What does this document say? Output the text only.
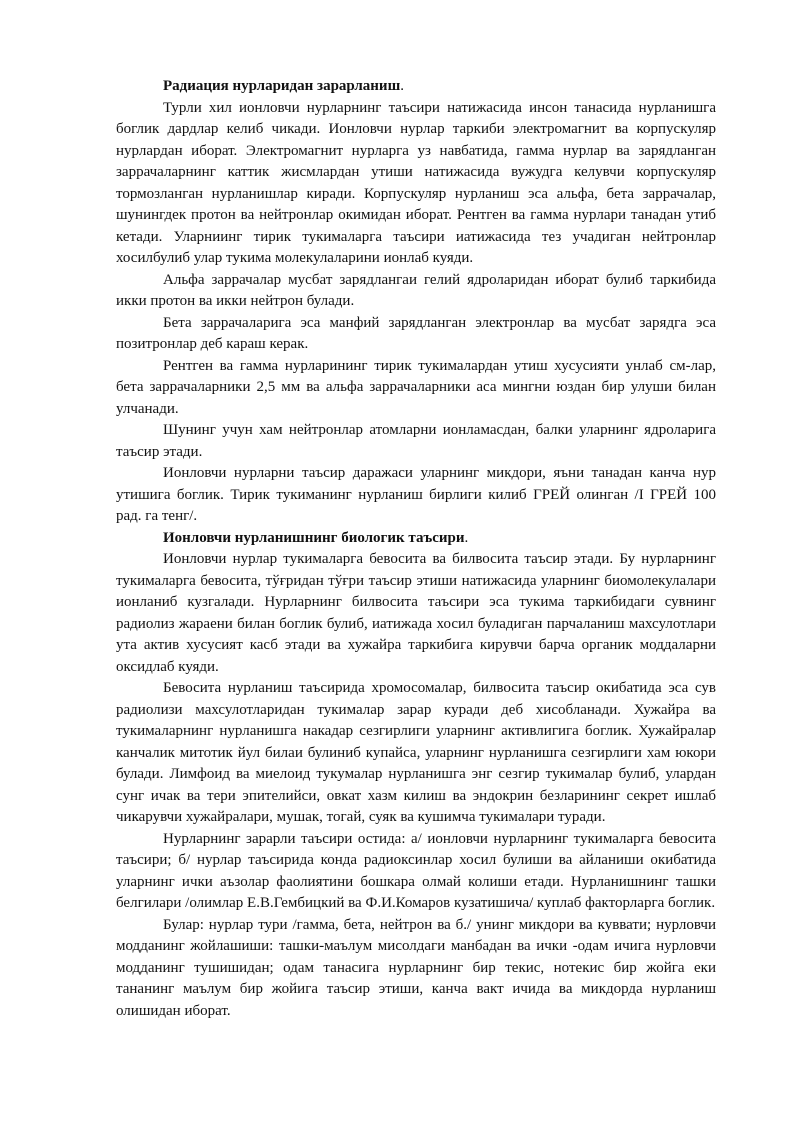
Радиация нурларидан зарарланиш.

Турли хил ионловчи нурларнинг таъсири натижасида инсон танасида нурланишга боглик дардлар келиб чикади. Ионловчи нурлар таркиби электромагнит ва корпускуляр нурлардан иборат. Электромагнит нурларга уз навбатида, гамма нурлар ва зарядланган заррачаларнинг каттик жисмлардан утиши натижасида вужудга келувчи корпускуляр тормозланган нурланишлар киради. Корпускуляр нурланиш эса альфа, бета заррачалар, шунингдек протон ва нейтронлар окимидан иборат. Рентген ва гамма нурлари танадан утиб кетади. Уларниинг тирик тукималарга таъсири иатижасида тез учадиган нейтронлар хосилбулиб улар тукима молекулаларини ионлаб куяди.

Альфа заррачалар мусбат зарядлангаи гелий ядроларидан иборат булиб таркибида икки протон ва икки нейтрон булади.

Бета заррачаларига эса манфий зарядланган электронлар ва мусбат зарядга эса позитронлар деб караш керак.

Рентген ва гамма нурларининг тирик тукималардан утиш хусусияти унлаб см-лар, бета заррачаларники 2,5 мм ва альфа заррачаларники аса мингни юздан бир улуши билан улчанади.

Шунинг учун хам нейтронлар атомларни ионламасдан, балки уларнинг ядроларига таъсир этади.

Ионловчи нурларни таъсир даражаси уларнинг микдори, яъни танадан канча нур утишига боглик. Тирик тукиманинг нурланиш бирлиги килиб ГРЕЙ олинган /I ГРЕЙ 100 рад. га тенг/.

Ионловчи нурланишнинг биологик таъсири.

Ионловчи нурлар тукималарга бевосита ва билвосита таъсир этади. Бу нурларнинг тукималарга бевосита, тўғридан тўғри таъсир этиши натижасида уларнинг биомолекулалари ионланиб кузгалади. Нурларнинг билвосита таъсири эса тукима таркибидаги сувнинг радиолиз жараени билан боглик булиб, иатижада хосил буладиган парчаланиш махсулотлари ута актив хусусият касб этади ва хужайра таркибига кирувчи барча органик моддаларни оксидлаб куяди.

Бевосита нурланиш таъсирида хромосомалар, билвосита таъсир окибатида эса сув радиолизи махсулотларидан тукималар зарар куради деб хисобланади. Хужайра ва тукималарнинг нурланишга накадар сезгирлиги уларнинг активлигига боглик. Хужайралар канчалик митотик йул билаи булиниб купайса, уларнинг нурланишга сезгирлиги хам юкори булади. Лимфоид ва миелоид тукумалар нурланишга энг сезгир тукималар булиб, улардан сунг ичак ва тери эпителийси, овкат хазм килиш ва эндокрин безларининг секрет ишлаб чикарувчи хужайралари, мушак, тогай, суяк ва кушимча тукималари туради.

Нурларнинг зарарли таъсири остида: а/ ионловчи нурларнинг тукималарга бевосита таъсири; б/ нурлар таъсирида конда радиоксинлар хосил булиши ва айланиши окибатида уларнинг ички аъзолар фаолиятини бошкара олмай колиши етади. Нурланишнинг ташки белгилари /олимлар Е.В.Гембицкий ва Ф.И.Комаров кузатишича/ куплаб факторларга боглик.

Булар: нурлар тури /гамма, бета, нейтрон ва б./ унинг микдори ва куввати; нурловчи модданинг жойлашиши: ташки-маълум мисолдаги манбадан ва ички -одам ичига нурловчи модданинг тушишидан; одам танасига нурларнинг бир текис, нотекис бир жойга еки тананинг маълум бир жойига таъсир этиши, канча вакт ичида ва микдорда нурланиш олишидан иборат.
